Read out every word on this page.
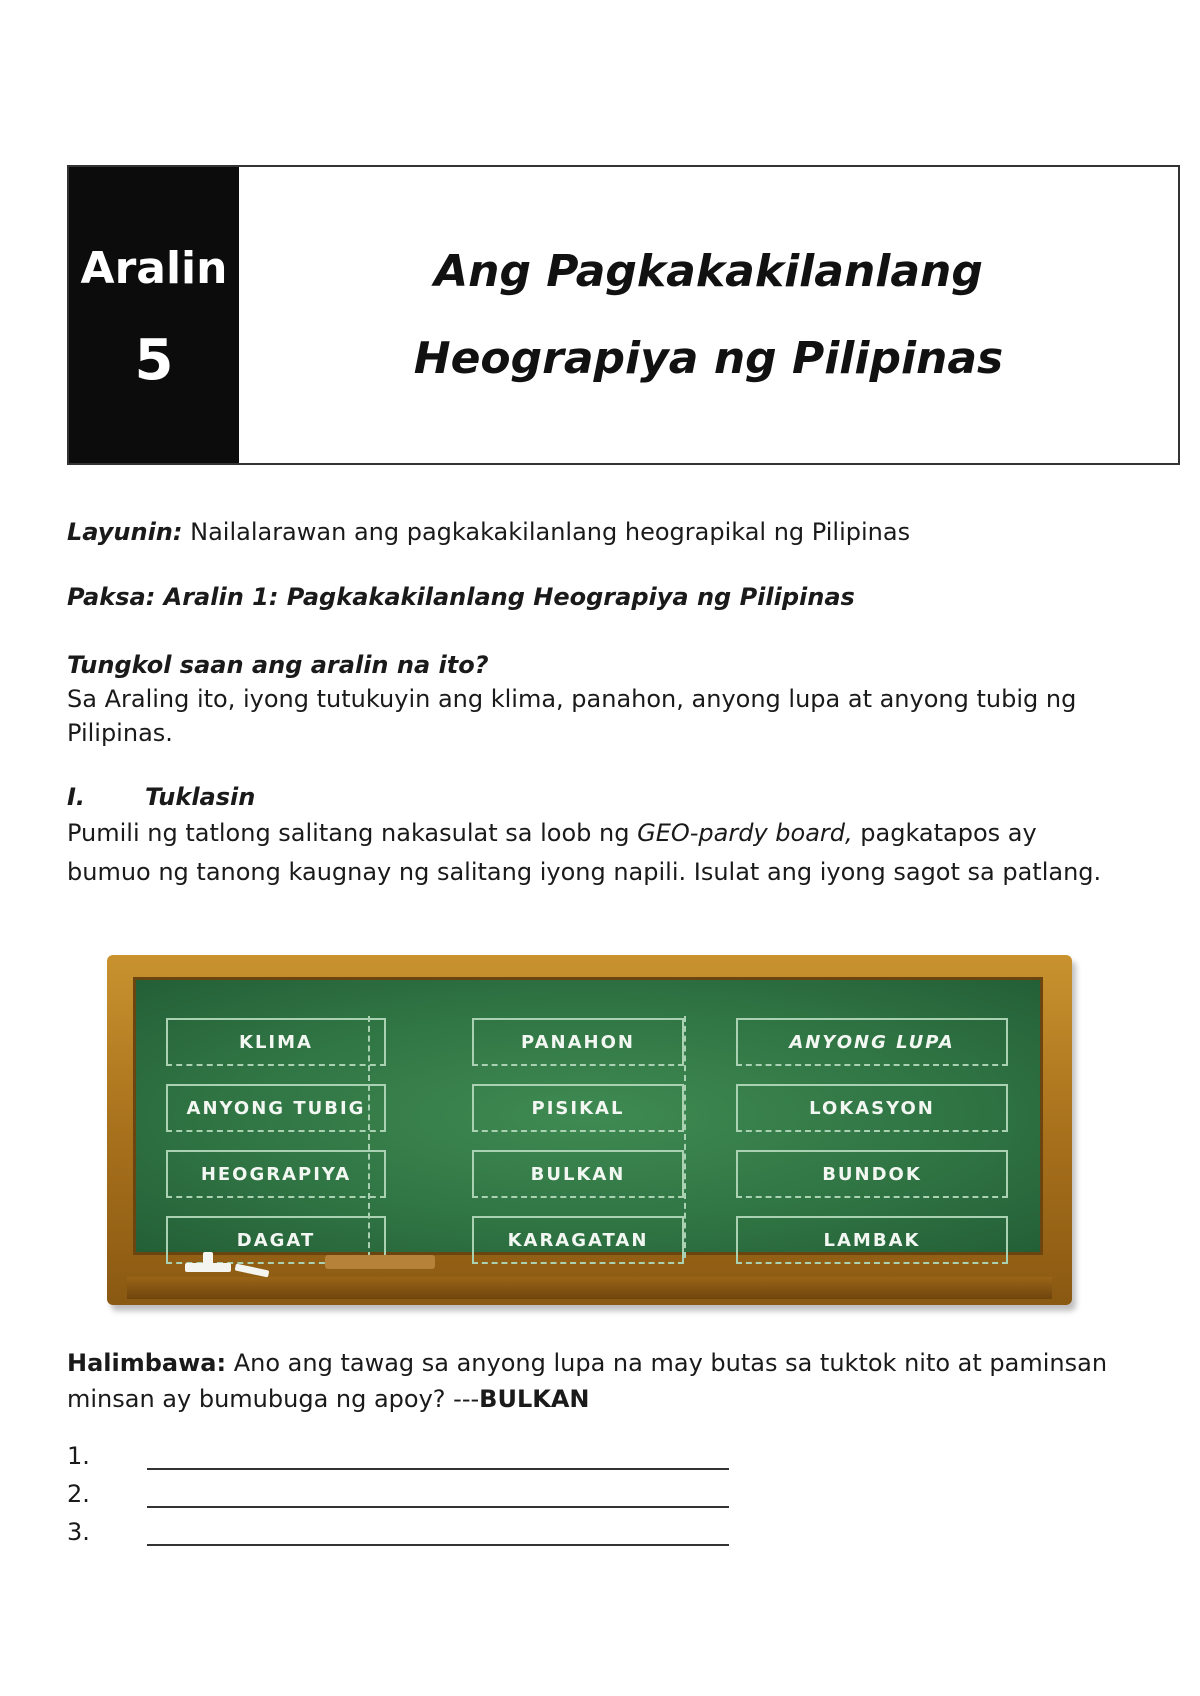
Aralin
5
Ang Pagkakakilanlang
Heograpiya ng Pilipinas
Layunin: Nailalarawan ang pagkakakilanlang heograpikal ng Pilipinas
Paksa: Aralin 1: Pagkakakilanlang Heograpiya ng Pilipinas
Tungkol saan ang aralin na ito?
Sa Araling ito, iyong tutukuyin ang klima, panahon, anyong lupa at anyong tubig ng Pilipinas.
I. Tuklasin
Pumili ng tatlong salitang nakasulat sa loob ng GEO-pardy board, pagkatapos ay bumuo ng tanong kaugnay ng salitang iyong napili. Isulat ang iyong sagot sa patlang.
KLIMA	PANAHON	ANYONG LUPA
ANYONG TUBIG	PISIKAL	LOKASYON
HEOGRAPIYA	BULKAN	BUNDOK
DAGAT	KARAGATAN	LAMBAK
Halimbawa: Ano ang tawag sa anyong lupa na may butas sa tuktok nito at paminsan minsan ay bumubuga ng apoy? ---BULKAN
1.
2.
3.
